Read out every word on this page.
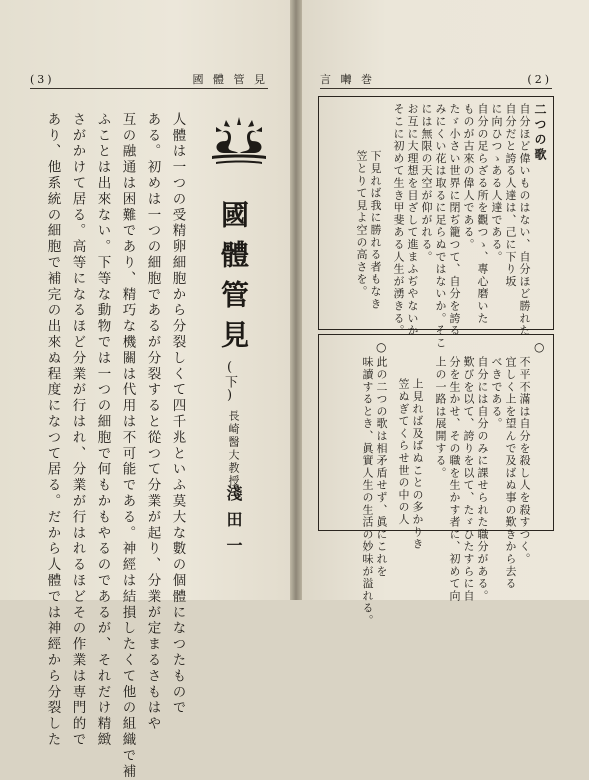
(3)	國 體 管 見	言 囀 巻	(2)
國體管見
(下)
長崎醫大教授
淺田一
人體は一つの受精卵細胞から分裂しくて四千兆といふ莫大な數の個體になつたもので
ある。初めは一つの細胞であるが分裂すると從つて分業が起り、分業が定まるさもはや
互の融通は困難であり、精巧な機關は代用は不可能である。神經は結損したくて他の組織で補
ふことは出來ない。下等な動物では一つの細胞で何もかもやるのであるが、それだけ精緻
さがかけて居る。高等になるほど分業が行はれ、分業が行はれるほどその作業は専門的で
あり、他系統の細胞で補完の出來ぬ程度になつて居る。だから人體では神經から分裂した	二つの歌
自分ほど偉いものはない、自分ほど勝れた
自分だと誇る人達は、己に下り坂
に向ひつゝある人達である。
自分の足らざる所を觀つゝ、專心磨いた
ものが古來の偉人である。
たゞ小さい世界に閉ぢ籠つて、自分を誇る
みにくい花は取るに足らぬではないか。そこ
には無限の天空が仰がれる。
お互に大理想を目ざして進まふぢやないか
そこに初めて生き甲斐ある人生が湧きる。
下見れば我に勝れる者もなき
笠とりて見よ空の高さを。
○
不平不滿は自分を殺し人を殺すつく。
宜しく上を望んで及ばぬ事の歎きから去る
べきである。
自分には自分のみに課せられた職分がある。
歎びを以て、誇りを以て、たゞひたすらに自
分を生かせ、その職を生かす者に、初めて向
上の一路は展開する。
上見れば及ばぬことの多かりき
笠ぬぎてくらせ世の中の人
○
此の二つの歌は相矛盾せず、眞にこれを
味讀するとき、眞實人生の生活の妙味が溢れる。
